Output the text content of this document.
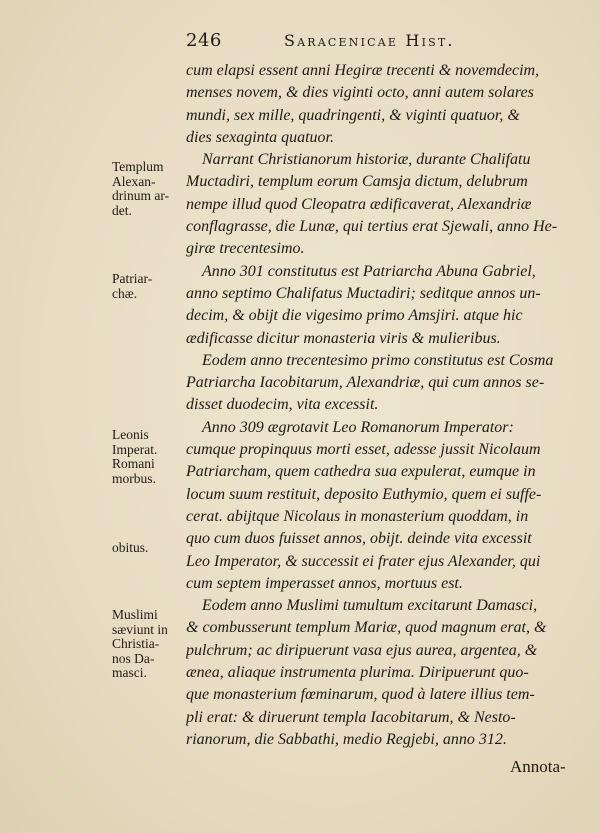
246	Saracenicae Hist.
Templum
Alexan-
drinum ar-
det.
Patriar-
chæ.
Leonis
Imperat.
Romani
morbus.
obitus.
Muslimi
sæviunt in
Christia-
nos Da-
masci.
cum elapsi essent anni Hegiræ trecenti & novemdecim,
menses novem, & dies viginti octo, anni autem solares
mundi, sex mille, quadringenti, & viginti quatuor, &
dies sexaginta quatuor.
Narrant Christianorum historiæ, durante Chalifatu
Muctadiri, templum eorum Camsja dictum, delubrum
nempe illud quod Cleopatra ædificaverat, Alexandriæ
conflagrasse, die Lunæ, qui tertius erat Sjewali, anno He-
giræ trecentesimo.
Anno 301 constitutus est Patriarcha Abuna Gabriel,
anno septimo Chalifatus Muctadiri; seditque annos un-
decim, & obijt die vigesimo primo Amsjiri. atque hic
ædificasse dicitur monasteria viris & mulieribus.
Eodem anno trecentesimo primo constitutus est Cosma
Patriarcha Iacobitarum, Alexandriæ, qui cum annos se-
disset duodecim, vita excessit.
Anno 309 ægrotavit Leo Romanorum Imperator:
cumque propinquus morti esset, adesse jussit Nicolaum
Patriarcham, quem cathedra sua expulerat, eumque in
locum suum restituit, deposito Euthymio, quem ei suffe-
cerat. abijtque Nicolaus in monasterium quoddam, in
quo cum duos fuisset annos, obijt. deinde vita excessit
Leo Imperator, & successit ei frater ejus Alexander, qui
cum septem imperasset annos, mortuus est.
Eodem anno Muslimi tumultum excitarunt Damasci,
& combusserunt templum Mariæ, quod magnum erat, &
pulchrum; ac diripuerunt vasa ejus aurea, argentea, &
ænea, aliaque instrumenta plurima. Diripuerunt quo-
que monasterium fœminarum, quod à latere illius tem-
pli erat: & diruerunt templa Iacobitarum, & Nesto-
rianorum, die Sabbathi, medio Regjebi, anno 312.
Annota-
